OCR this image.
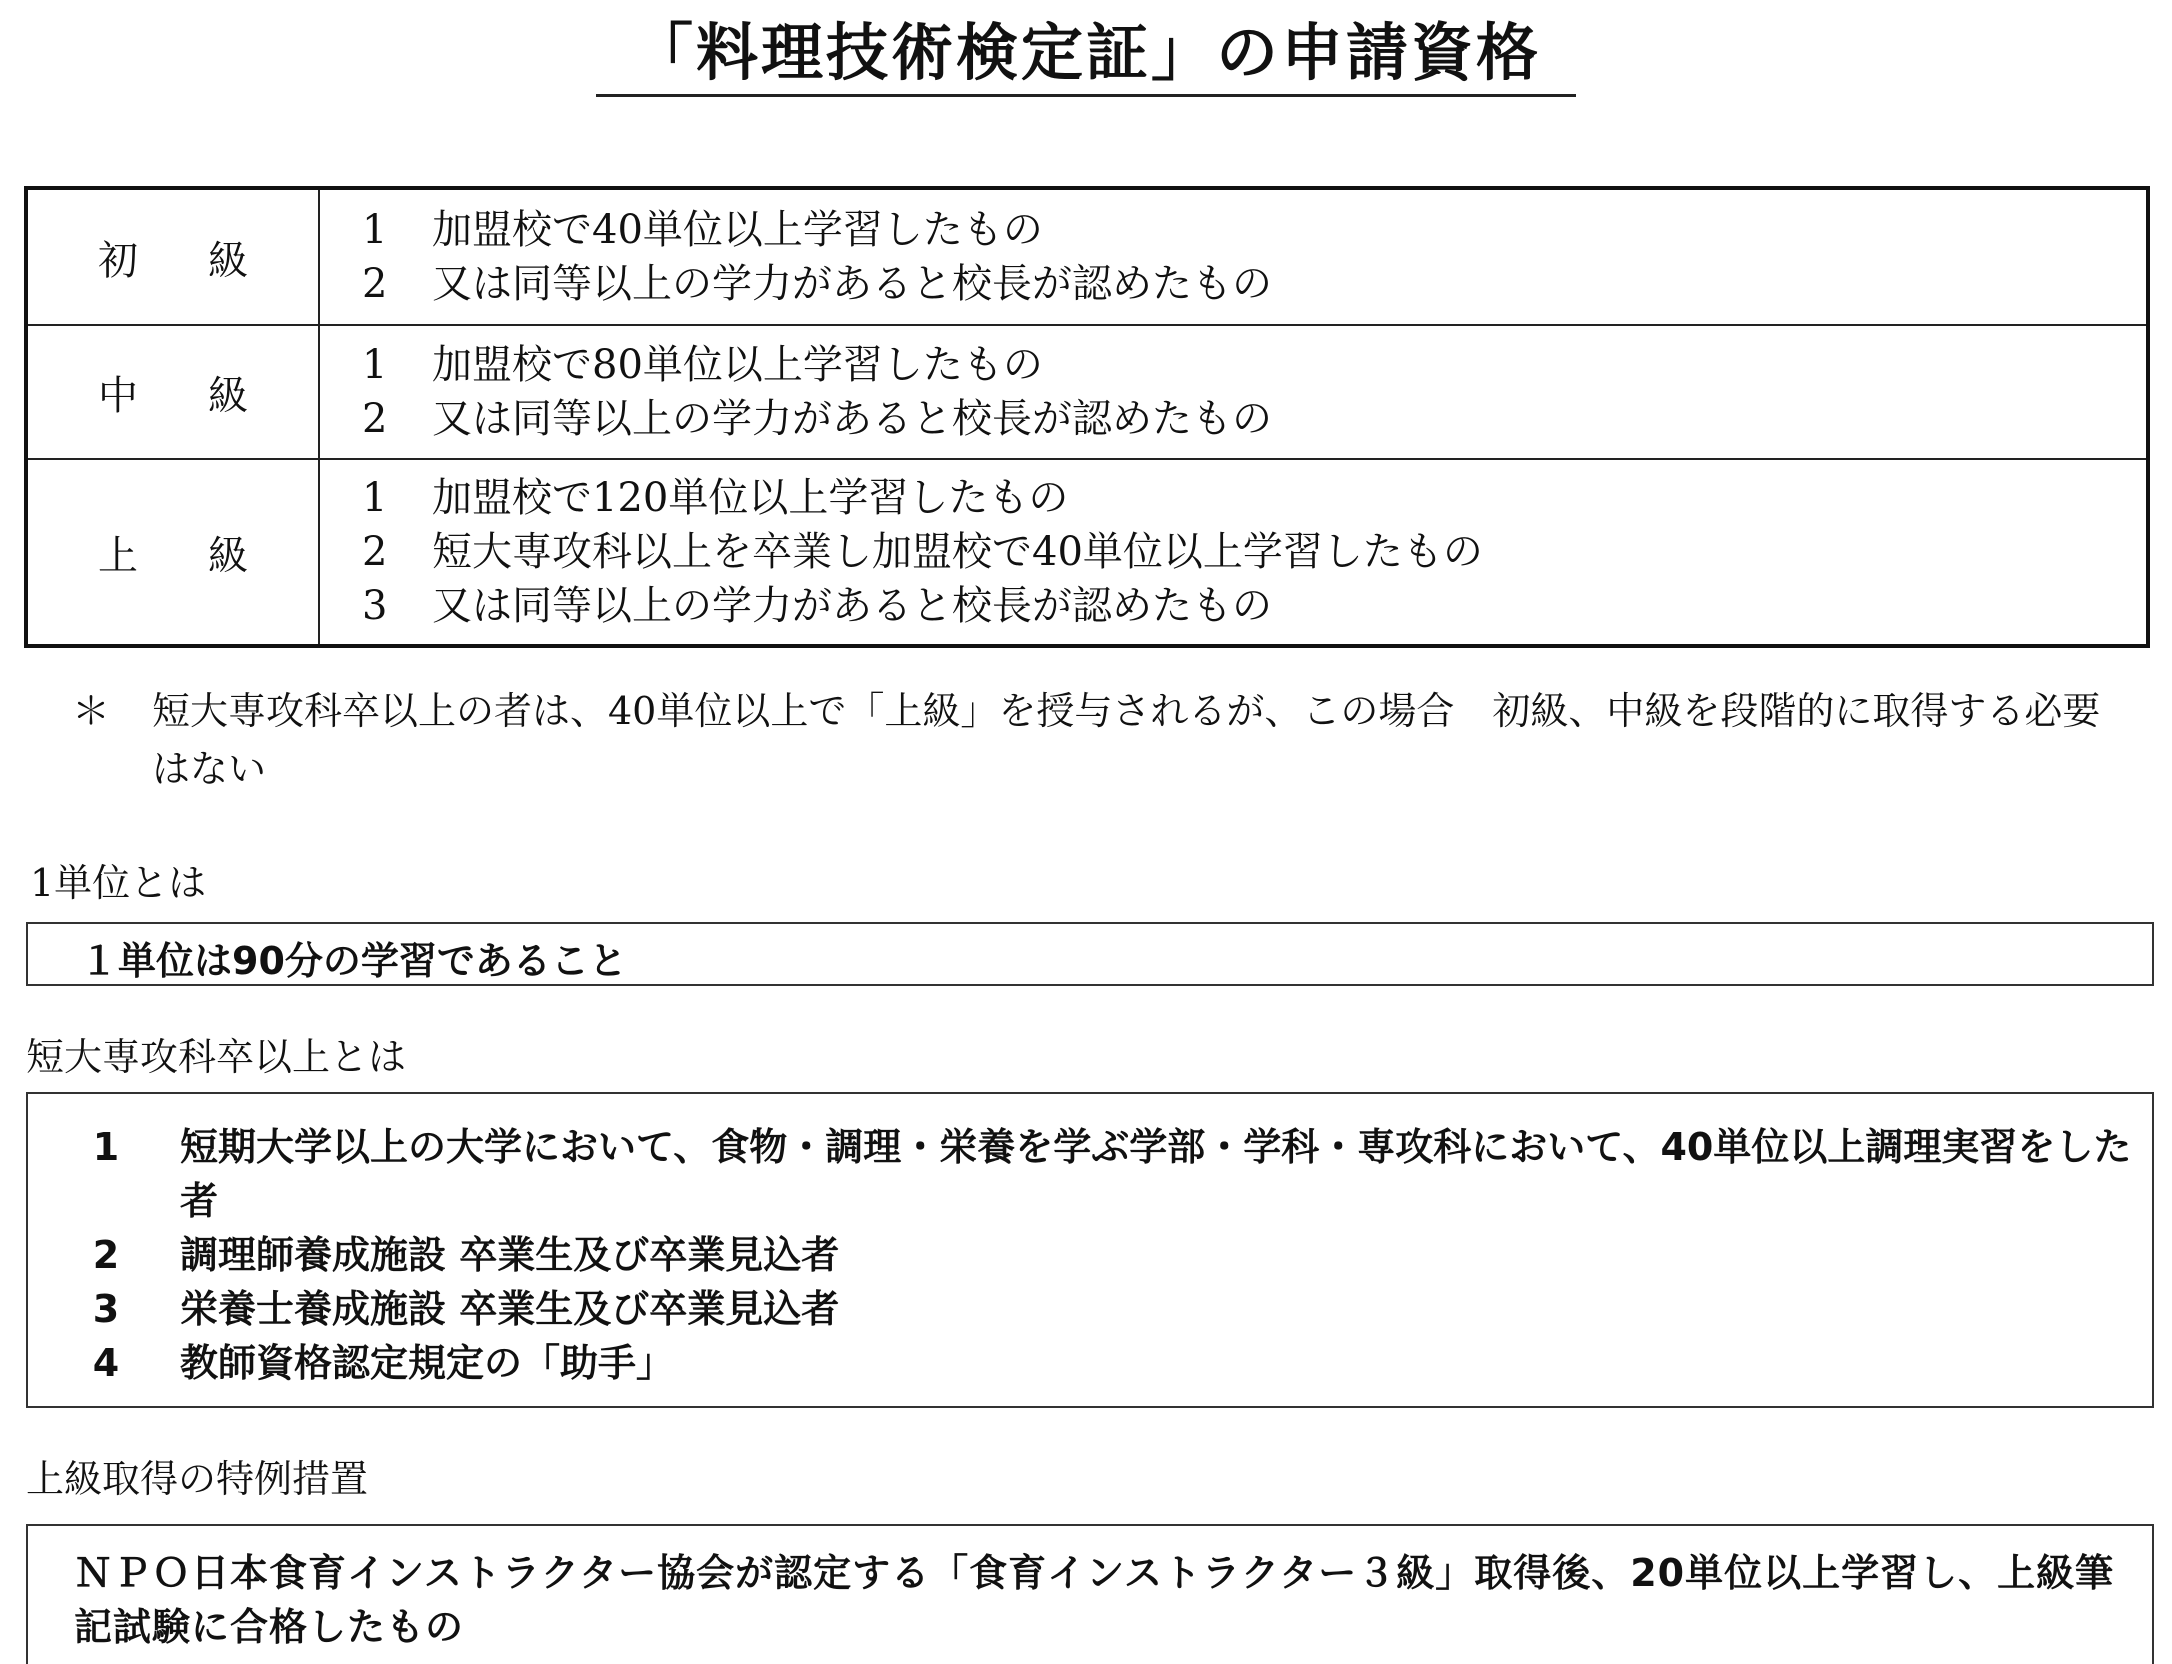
「料理技術検定証」の申請資格
初級
1	加盟校で40単位以上学習したもの
2	又は同等以上の学力があると校長が認めたもの
中級
1	加盟校で80単位以上学習したもの
2	又は同等以上の学力があると校長が認めたもの
上級
1	加盟校で120単位以上学習したもの
2	短大専攻科以上を卒業し加盟校で40単位以上学習したもの
3	又は同等以上の学力があると校長が認めたもの
＊ 短大専攻科卒以上の者は、40単位以上で「上級」を授与されるが、この場合　初級、中級を段階的に取得する必要はない
1単位とは
１単位は90分の学習であること
短大専攻科卒以上とは
1	短期大学以上の大学において、食物・調理・栄養を学ぶ学部・学科・専攻科において、40単位以上調理実習をした者
2	調理師養成施設 卒業生及び卒業見込者
3	栄養士養成施設 卒業生及び卒業見込者
4	教師資格認定規定の「助手」
上級取得の特例措置
ＮＰＯ日本食育インストラクター協会が認定する「食育インストラクター３級」取得後、20単位以上学習し、上級筆記試験に合格したもの
